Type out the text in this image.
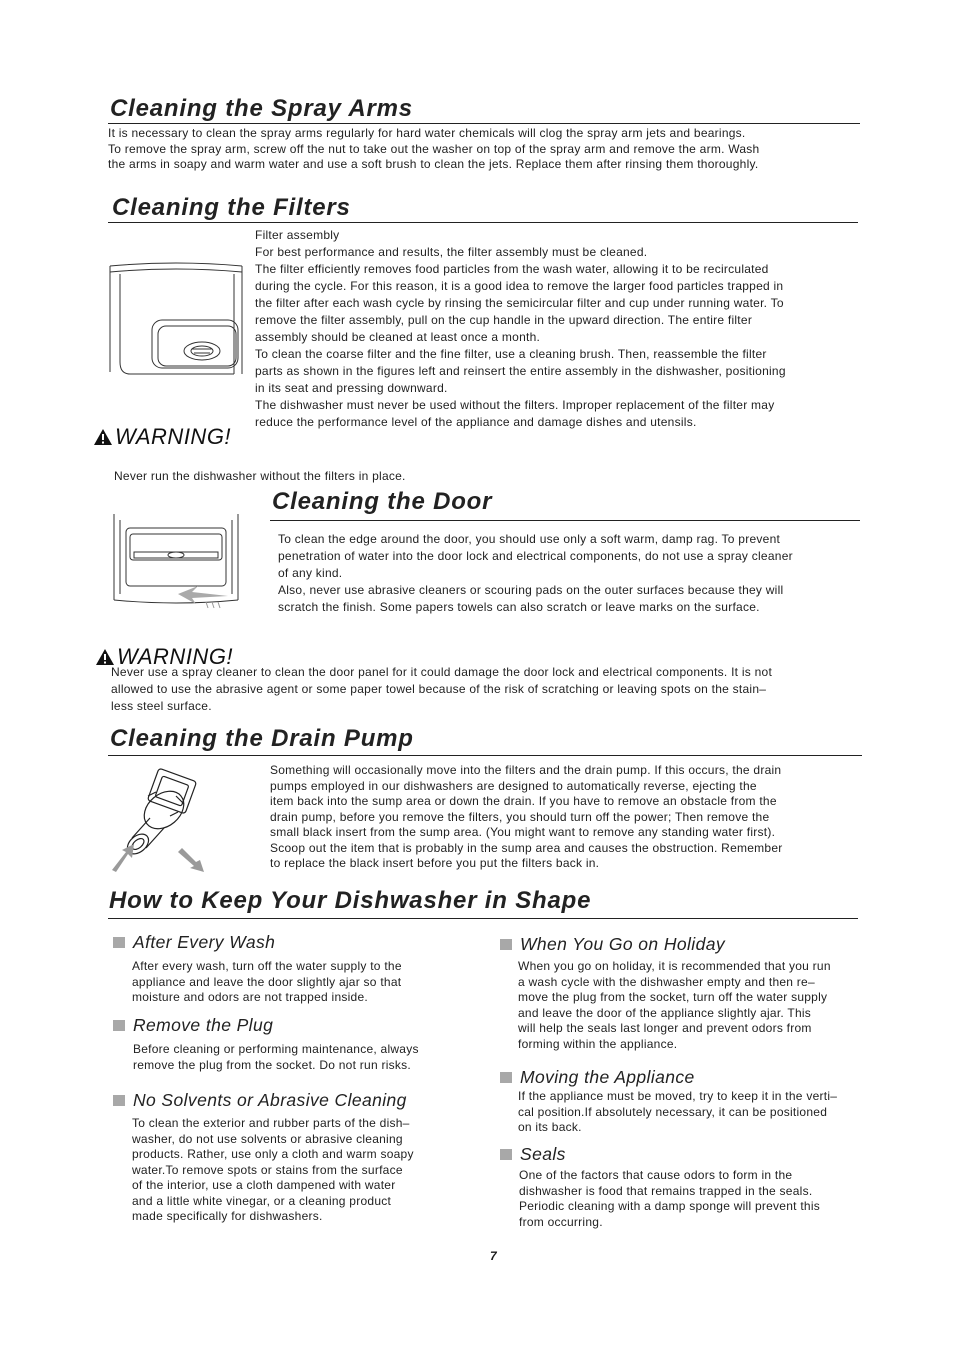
Cleaning the Spray Arms
It is necessary to clean the spray arms regularly for hard water chemicals will clog the spray arm jets and bearings.
To remove the spray arm, screw off the nut to take out the washer on top of the spray arm and remove the arm. Wash
the arms in soapy and warm water and use a soft brush to clean the jets. Replace them after rinsing them thoroughly.
Cleaning the Filters
Filter assembly
For best performance and results, the filter assembly must be cleaned.
The filter efficiently removes food particles from the wash water, allowing it to be recirculated
during the cycle. For this reason, it is a good idea to remove the larger food particles trapped in
the filter after each wash cycle by rinsing the semicircular filter and cup under running water. To
remove the filter assembly, pull on the cup handle in the upward direction. The entire filter
assembly should be cleaned at least once a month.
To clean the coarse filter and the fine filter, use a cleaning brush. Then, reassemble the filter
parts as shown in the figures left and reinsert the entire assembly in the dishwasher, positioning
in its seat and pressing downward.
The dishwasher must never be used without the filters. Improper replacement of the filter may
reduce the performance level of the appliance and damage dishes and utensils.
WARNING!
Never run the dishwasher without the filters in place.
Cleaning the Door
To clean the edge around the door, you should use only a soft warm, damp rag. To prevent
penetration of water into the door lock and electrical components, do not use a spray cleaner
of any kind.
Also, never use abrasive cleaners or scouring pads on the outer surfaces because they will
scratch the finish. Some papers towels can also scratch or leave marks on the surface.
WARNING!
Never use a spray cleaner to clean the door panel for it could damage the door lock and electrical components. It is not
allowed to use the abrasive agent or some paper towel because of the risk of scratching or leaving spots on the stain–
less steel surface.
Cleaning the Drain Pump
Something will occasionally move into the filters and the drain pump. If this occurs, the drain
pumps employed in our dishwashers are designed to automatically reverse, ejecting the
item back into the sump area or down the drain. If you have to remove an obstacle from the
drain pump, before you remove the filters, you should turn off the power; Then remove the
small black insert from the sump area. (You might want to remove any standing water first).
Scoop out the item that is probably in the sump area and causes the obstruction. Remember
to replace the black insert before you put the filters back in.
How to Keep Your Dishwasher in Shape
After Every Wash
After every wash, turn off the water supply to the
appliance and leave the door slightly ajar so that
moisture and odors are not trapped inside.
Remove the Plug
Before cleaning or performing maintenance, always
remove the plug from the socket. Do not run risks.
No Solvents or Abrasive Cleaning
To clean the exterior and rubber parts of the dish–
washer, do not use solvents or abrasive cleaning
products. Rather, use only a cloth and warm soapy
water.To remove spots or stains from the surface
of the interior, use a cloth dampened with water
and a little white vinegar, or a cleaning product
made specifically for dishwashers.
When You Go on Holiday
When you go on holiday, it is recommended that you run
a wash cycle with the dishwasher empty and then re–
move the plug from the socket, turn off the water supply
and leave the door of the appliance slightly ajar. This
will help the seals last longer and prevent odors from
forming within the appliance.
Moving the Appliance
If the appliance must be moved, try to keep it in the verti–
cal position.If absolutely necessary, it can be positioned
on its back.
Seals
One of the factors that cause odors to form in the
dishwasher is food that remains trapped in the seals.
Periodic cleaning with a damp sponge will prevent this
from occurring.
7
